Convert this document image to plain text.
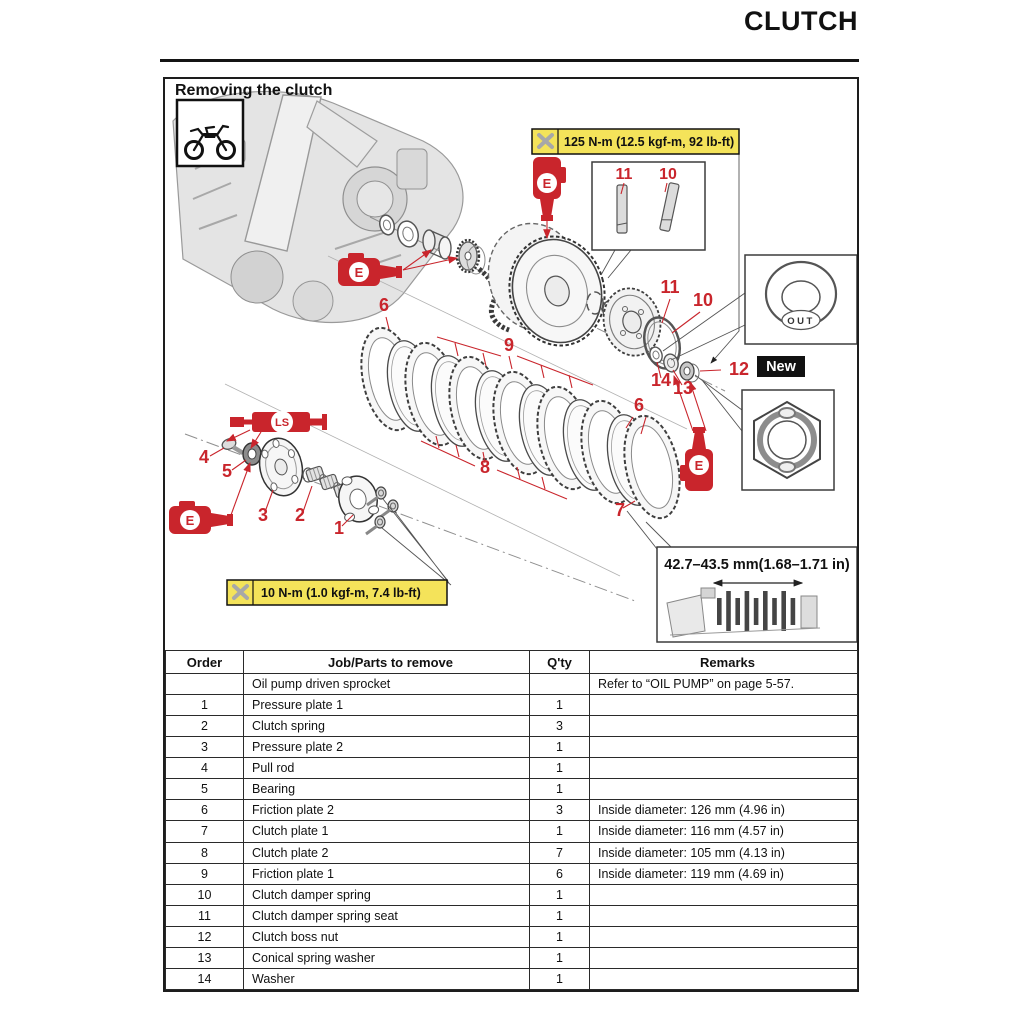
CLUTCH
Removing the clutch
125 N-m (12.5 kgf-m, 92 lb-ft)
10 N-m (1.0 kgf-m, 7.4 lb-ft)
11 10
OUT
42.7–43.5 mm(1.68–1.71 in)
New
6
9
8
6
7
11
10
14 13
12
4
5
3 2
1
E
E
E
E
LS
Order	Job/Parts to remove	Q'ty	Remarks
	Oil pump driven sprocket		Refer to “OIL PUMP” on page 5-57.
1	Pressure plate 1	1	
2	Clutch spring	3	
3	Pressure plate 2	1	
4	Pull rod	1	
5	Bearing	1	
6	Friction plate 2	3	Inside diameter: 126 mm (4.96 in)
7	Clutch plate 1	1	Inside diameter: 116 mm (4.57 in)
8	Clutch plate 2	7	Inside diameter: 105 mm (4.13 in)
9	Friction plate 1	6	Inside diameter: 119 mm (4.69 in)
10	Clutch damper spring	1	
11	Clutch damper spring seat	1	
12	Clutch boss nut	1	
13	Conical spring washer	1	
14	Washer	1	
